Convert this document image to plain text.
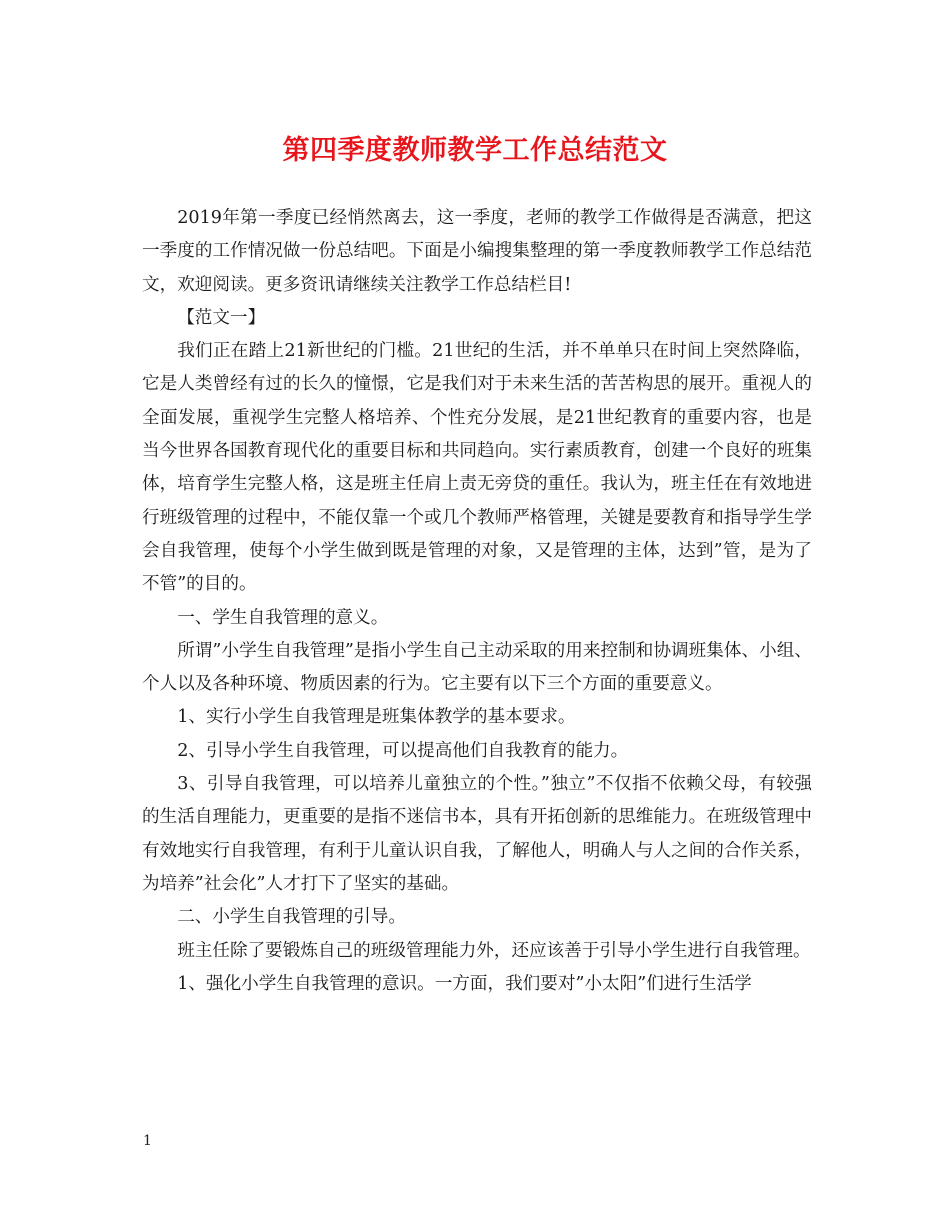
第四季度教师教学工作总结范文

2019年第一季度已经悄然离去，这一季度，老师的教学工作做得是否满意，把这一季度的工作情况做一份总结吧。下面是小编搜集整理的第一季度教师教学工作总结范文，欢迎阅读。更多资讯请继续关注教学工作总结栏目!

【范文一】

我们正在踏上21新世纪的门槛。21世纪的生活，并不单单只在时间上突然降临，它是人类曾经有过的长久的憧憬，它是我们对于未来生活的苦苦构思的展开。重视人的全面发展，重视学生完整人格培养、个性充分发展，是21世纪教育的重要内容，也是当今世界各国教育现代化的重要目标和共同趋向。实行素质教育，创建一个良好的班集体，培育学生完整人格，这是班主任肩上责无旁贷的重任。我认为，班主任在有效地进行班级管理的过程中，不能仅靠一个或几个教师严格管理，关键是要教育和指导学生学会自我管理，使每个小学生做到既是管理的对象，又是管理的主体，达到”管，是为了不管”的目的。

一、学生自我管理的意义。

所谓”小学生自我管理”是指小学生自己主动采取的用来控制和协调班集体、小组、个人以及各种环境、物质因素的行为。它主要有以下三个方面的重要意义。

1、实行小学生自我管理是班集体教学的基本要求。

2、引导小学生自我管理，可以提高他们自我教育的能力。

3、引导自我管理，可以培养儿童独立的个性。”独立”不仅指不依赖父母，有较强的生活自理能力，更重要的是指不迷信书本，具有开拓创新的思维能力。在班级管理中有效地实行自我管理，有利于儿童认识自我，了解他人，明确人与人之间的合作关系，为培养”社会化”人才打下了坚实的基础。

二、小学生自我管理的引导。

班主任除了要锻炼自己的班级管理能力外，还应该善于引导小学生进行自我管理。

1、强化小学生自我管理的意识。一方面，我们要对”小太阳”们进行生活学

1
